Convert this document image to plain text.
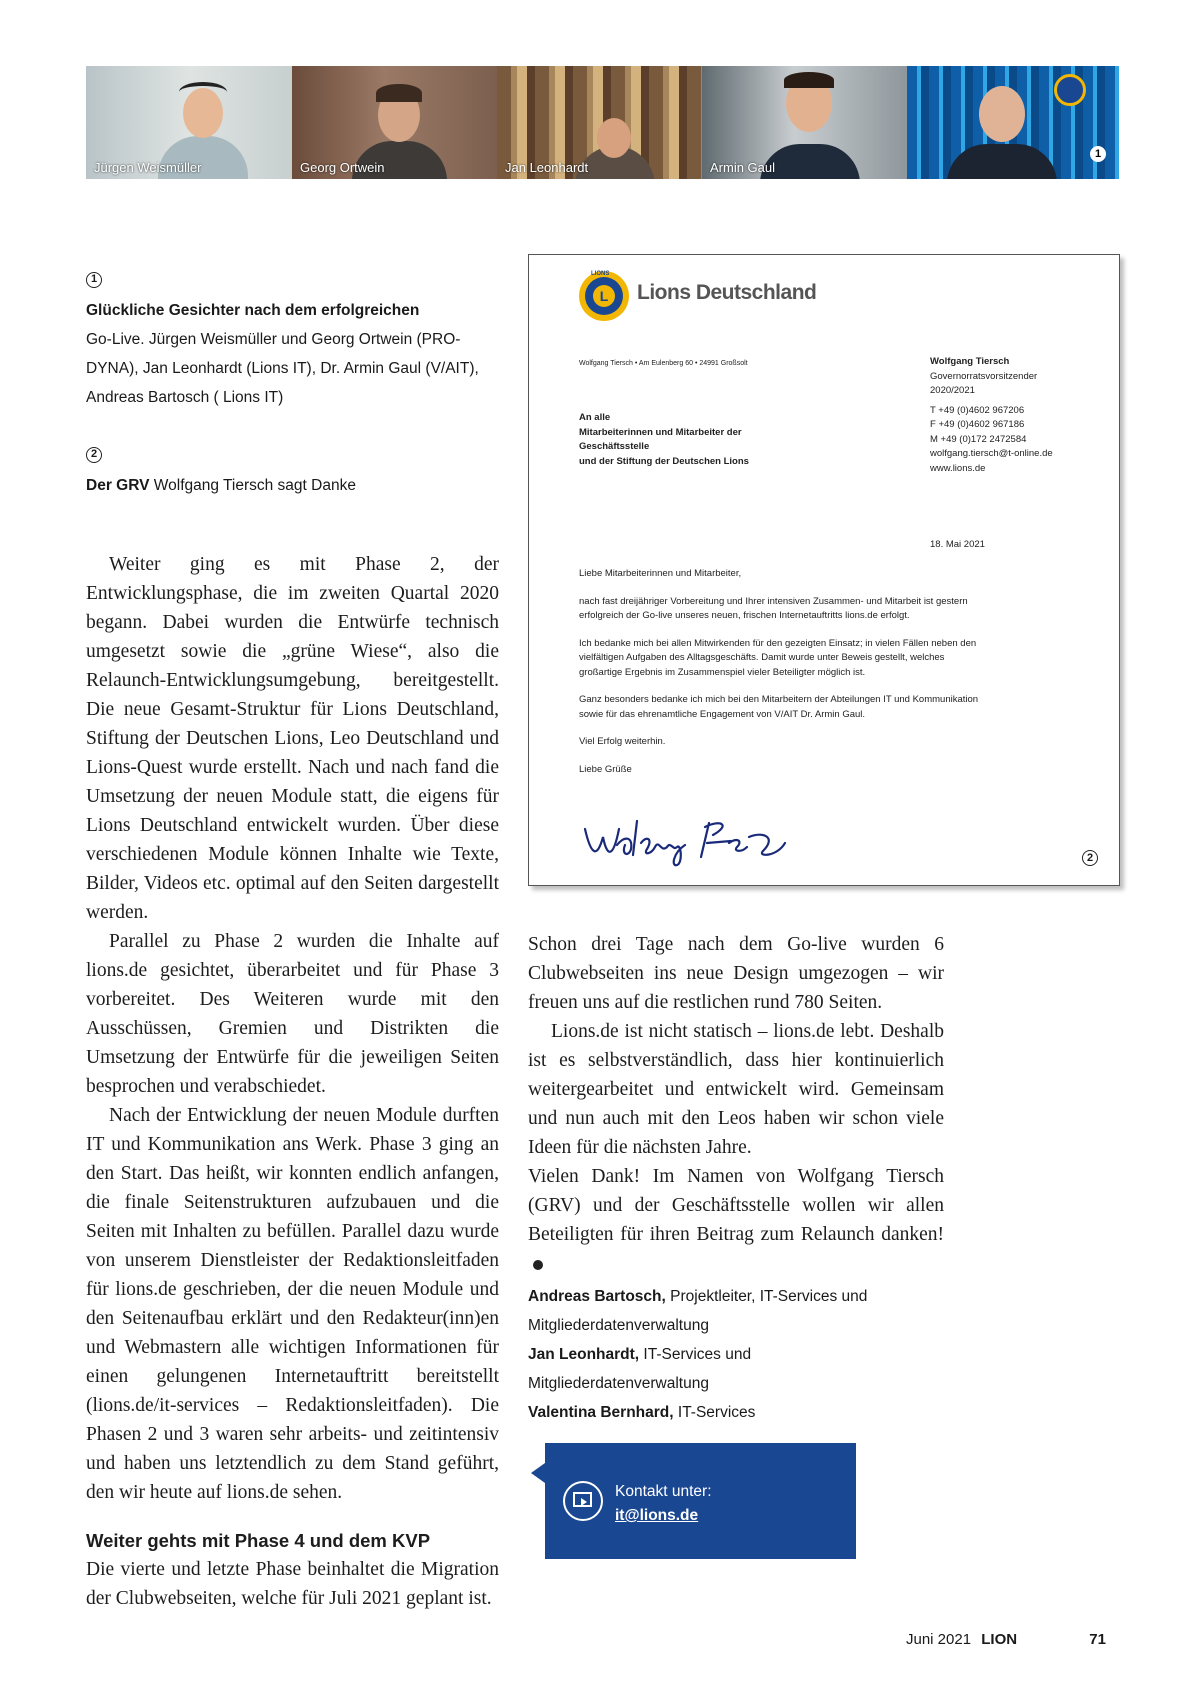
Jürgen Weismüller	Georg Ortwein	Jan Leonhardt	Armin Gaul
1
1
Glückliche Gesichter nach dem erfolgreichen
Go-Live. Jürgen Weismüller und Georg Ortwein (PRO-DYNA), Jan Leonhardt (Lions IT), Dr. Armin Gaul (V/AIT), Andreas Bartosch ( Lions IT)
2
Der GRV Wolfgang Tiersch sagt Danke

Weiter ging es mit Phase 2, der Entwicklungsphase, die im zweiten Quartal 2020 begann. Dabei wurden die Entwürfe technisch umgesetzt sowie die „grüne Wiese“, also die Relaunch-Entwicklungsumgebung, bereitgestellt. Die neue Gesamt-Struktur für Lions Deutschland, Stiftung der Deutschen Lions, Leo Deutschland und Lions-Quest wurde erstellt. Nach und nach fand die Umsetzung der neuen Module statt, die eigens für Lions Deutschland entwickelt wurden. Über diese verschiedenen Module können Inhalte wie Texte, Bilder, Videos etc. optimal auf den Seiten dargestellt werden.

Parallel zu Phase 2 wurden die Inhalte auf lions.de gesichtet, überarbeitet und für Phase 3 vorbereitet. Des Weiteren wurde mit den Ausschüssen, Gremien und Distrikten die Umsetzung der Entwürfe für die jeweiligen Seiten besprochen und verabschiedet.

Nach der Entwicklung der neuen Module durften IT und Kommunikation ans Werk. Phase 3 ging an den Start. Das heißt, wir konnten endlich anfangen, die finale Seitenstrukturen aufzubauen und die Seiten mit Inhalten zu befüllen. Parallel dazu wurde von unserem Dienstleister der Redaktionsleitfaden für lions.de geschrieben, der die neuen Module und den Seitenaufbau erklärt und den Redakteur(inn)en und Webmastern alle wichtigen Informationen für einen gelungenen Internetauftritt bereitstellt (lions.de/it-services – Redaktionsleitfaden). Die Phasen 2 und 3 waren sehr arbeits- und zeitintensiv und haben uns letztendlich zu dem Stand geführt, den wir heute auf lions.de sehen.

Weiter gehts mit Phase 4 und dem KVP

Die vierte und letzte Phase beinhaltet die Migration der Clubwebseiten, welche für Juli 2021 geplant ist.

L
LIONS
Lions Deutschland
Wolfgang Tiersch • Am Eulenberg 60 • 24991 Großsolt	Wolfgang Tiersch
Governorratsvorsitzender
2020/2021
T +49 (0)4602 967206
F +49 (0)4602 967186
M +49 (0)172 2472584
wolfgang.tiersch@t-online.de
www.lions.de
An alle
Mitarbeiterinnen und Mitarbeiter der
Geschäftsstelle
und der Stiftung der Deutschen Lions
18. Mai 2021

Liebe Mitarbeiterinnen und Mitarbeiter,

nach fast dreijähriger Vorbereitung und Ihrer intensiven Zusammen- und Mitarbeit ist gestern erfolgreich der Go-live unseres neuen, frischen Internetauftritts lions.de erfolgt.

Ich bedanke mich bei allen Mitwirkenden für den gezeigten Einsatz; in vielen Fällen neben den vielfältigen Aufgaben des Alltagsgeschäfts. Damit wurde unter Beweis gestellt, welches großartige Ergebnis im Zusammenspiel vieler Beteiligter möglich ist.

Ganz besonders bedanke ich mich bei den Mitarbeitern der Abteilungen IT und Kommunikation sowie für das ehrenamtliche Engagement von V/AIT Dr. Armin Gaul.

Viel Erfolg weiterhin.

Liebe Grüße

2

Schon drei Tage nach dem Go-live wurden 6 Clubwebseiten ins neue Design umgezogen – wir freuen uns auf die restlichen rund 780 Seiten.

Lions.de ist nicht statisch – lions.de lebt. Deshalb ist es selbstverständlich, dass hier kontinuierlich weitergearbeitet und entwickelt wird. Gemeinsam und nun auch mit den Leos haben wir schon viele Ideen für die nächsten Jahre.

Vielen Dank! Im Namen von Wolfgang Tiersch (GRV) und der Geschäftsstelle wollen wir allen Beteiligten für ihren Beitrag zum Relaunch danken!

Andreas Bartosch, Projektleiter, IT-Services und Mitgliederdatenverwaltung
Jan Leonhardt, IT-Services und Mitgliederdatenverwaltung
Valentina Bernhard, IT-Services
Kontakt unter:
it@lions.de
Juni 2021 LION	71
